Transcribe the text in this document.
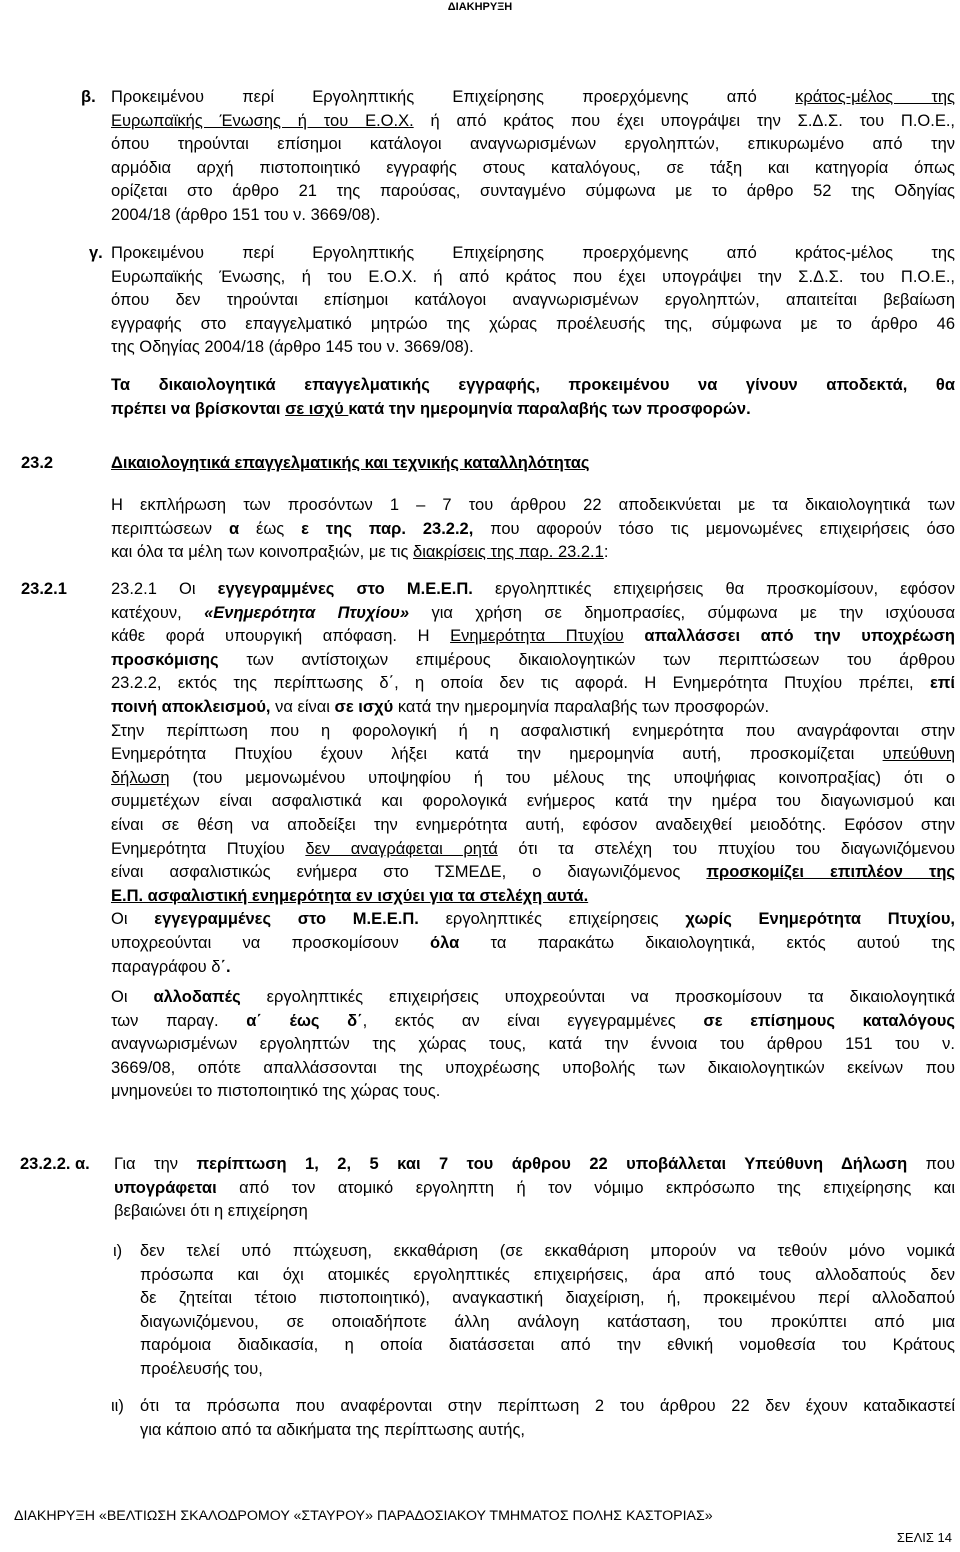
ΔΙΑΚΗΡΥΞΗ
β. Προκειμένου περί Εργοληπτικής Επιχείρησης προερχόμενης από κράτος-μέλος της
Ευρωπαϊκής Ένωσης ή του Ε.Ο.Χ. ή από κράτος που έχει υπογράψει την Σ.Δ.Σ. του Π.Ο.Ε.,
όπου τηρούνται επίσημοι κατάλογοι αναγνωρισμένων εργοληπτών, επικυρωμένο από την
αρμόδια αρχή πιστοποιητικό εγγραφής στους καταλόγους, σε τάξη και κατηγορία όπως
ορίζεται στο άρθρο 21 της παρούσας, συνταγμένο σύμφωνα με το άρθρο 52 της Οδηγίας
2004/18 (άρθρο 151 του ν. 3669/08).
γ. Προκειμένου περί Εργοληπτικής Επιχείρησης προερχόμενης από κράτος-μέλος της
Ευρωπαϊκής Ένωσης, ή του Ε.Ο.Χ. ή από κράτος που έχει υπογράψει την Σ.Δ.Σ. του Π.Ο.Ε.,
όπου δεν τηρούνται επίσημοι κατάλογοι αναγνωρισμένων εργοληπτών, απαιτείται βεβαίωση
εγγραφής στο επαγγελματικό μητρώο της χώρας προέλευσής της, σύμφωνα με το άρθρο 46
της Οδηγίας 2004/18 (άρθρο 145 του ν. 3669/08).
Τα δικαιολογητικά επαγγελματικής εγγραφής, προκειμένου να γίνουν αποδεκτά, θα
πρέπει να βρίσκονται σε ισχύ κατά την ημερομηνία παραλαβής των προσφορών.
23.2	Δικαιολογητικά επαγγελματικής και τεχνικής καταλληλότητας
Η εκπλήρωση των προσόντων 1 – 7 του άρθρου 22 αποδεικνύεται με τα δικαιολογητικά των
περιπτώσεων α έως ε της παρ. 23.2.2, που αφορούν τόσο τις μεμονωμένες επιχειρήσεις όσο
και όλα τα μέλη των κοινοπραξιών, με τις διακρίσεις της παρ. 23.2.1:
23.2.1	23.2.1 Οι εγγεγραμμένες στο Μ.Ε.Ε.Π. εργοληπτικές επιχειρήσεις θα προσκομίσουν, εφόσον
κατέχουν, «Ενημερότητα Πτυχίου» για χρήση σε δημοπρασίες, σύμφωνα με την ισχύουσα
κάθε φορά υπουργική απόφαση. Η Ενημερότητα Πτυχίου απαλλάσσει από την υποχρέωση
προσκόμισης των αντίστοιχων επιμέρους δικαιολογητικών των περιπτώσεων του άρθρου
23.2.2, εκτός της περίπτωσης δ΄, η οποία δεν τις αφορά. Η Ενημερότητα Πτυχίου πρέπει, επί
ποινή αποκλεισμού, να είναι σε ισχύ κατά την ημερομηνία παραλαβής των προσφορών.
Στην περίπτωση που η φορολογική ή η ασφαλιστική ενημερότητα που αναγράφονται στην
Ενημερότητα Πτυχίου έχουν λήξει κατά την ημερομηνία αυτή, προσκομίζεται υπεύθυνη
δήλωση (του μεμονωμένου υποψηφίου ή του μέλους της υποψήφιας κοινοπραξίας) ότι ο
συμμετέχων είναι ασφαλιστικά και φορολογικά ενήμερος κατά την ημέρα του διαγωνισμού και
είναι σε θέση να αποδείξει την ενημερότητα αυτή, εφόσον αναδειχθεί μειοδότης. Εφόσον στην
Ενημερότητα Πτυχίου δεν αναγράφεται ρητά ότι τα στελέχη του πτυχίου του διαγωνιζόμενου
είναι ασφαλιστικώς ενήμερα στο ΤΣΜΕΔΕ, ο διαγωνιζόμενος προσκομίζει επιπλέον της
Ε.Π. ασφαλιστική ενημερότητα εν ισχύει για τα στελέχη αυτά.
Οι εγγεγραμμένες στο Μ.Ε.Ε.Π. εργοληπτικές επιχείρησεις χωρίς Ενημερότητα Πτυχίου,
υποχρεούνται να προσκομίσουν όλα τα παρακάτω δικαιολογητικά, εκτός αυτού της
παραγράφου δ΄.
Οι αλλοδαπές εργοληπτικές επιχειρήσεις υποχρεούνται να προσκομίσουν τα δικαιολογητικά
των παραγ. α΄ έως δ΄, εκτός αν είναι εγγεγραμμένες σε επίσημους καταλόγους
αναγνωρισμένων εργοληπτών της χώρας τους, κατά την έννοια του άρθρου 151 του ν.
3669/08, οπότε απαλλάσσονται της υποχρέωσης υποβολής των δικαιολογητικών εκείνων που
μνημονεύει το πιστοποιητικό της χώρας τους.
23.2.2. α. Για την περίπτωση 1, 2, 5 και 7 του άρθρου 22 υποβάλλεται Υπεύθυνη Δήλωση που
υπογράφεται από τον ατομικό εργοληπτη ή τον νόμιμο εκπρόσωπο της επιχείρησης και
βεβαιώνει ότι η επιχείρηση
ι) δεν τελεί υπό πτώχευση, εκκαθάριση (σε εκκαθάριση μπορούν να τεθούν μόνο νομικά
πρόσωπα και όχι ατομικές εργοληπτικές επιχειρήσεις, άρα από τους αλλοδαπούς δεν
δε ζητείται τέτοιο πιστοποιητικό), αναγκαστική διαχείριση, ή, προκειμένου περί αλλοδαπού
διαγωνιζόμενου, σε οποιαδήποτε άλλη ανάλογη κατάσταση, του προκύπτει από μια
παρόμοια διαδικασία, η οποία διατάσσεται από την εθνική νομοθεσία του Κράτους
προέλευσής του,
ιι) ότι τα πρόσωπα που αναφέρονται στην περίπτωση 2 του άρθρου 22 δεν έχουν καταδικαστεί
για κάποιο από τα αδικήματα της περίπτωσης αυτής,
ΔΙΑΚΗΡΥΞΗ «ΒΕΛΤΙΩΣΗ ΣΚΑΛΟΔΡΟΜΟΥ «ΣΤΑΥΡΟΥ» ΠΑΡΑΔΟΣΙΑΚΟΥ ΤΜΗΜΑΤΟΣ ΠΟΛΗΣ ΚΑΣΤΟΡΙΑΣ»
ΣΕΛΙΣ 14
